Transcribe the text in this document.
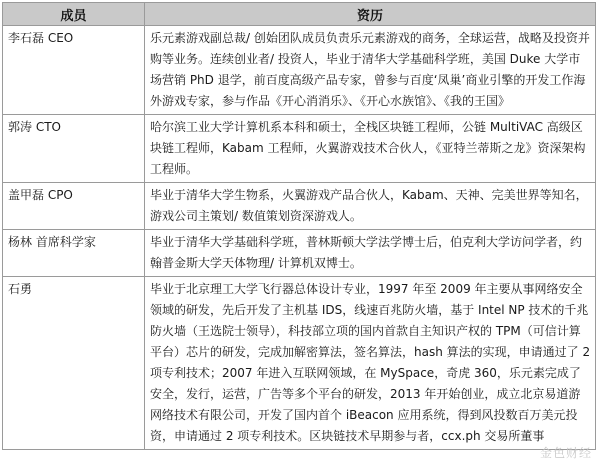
成员	资历
李石磊 CEO	乐元素游戏副总裁/ 创始团队成员负责乐元素游戏的商务，全球运营，战略及投资并购等业务。连续创业者/ 投资人，毕业于清华大学基础科学班，美国 Duke 大学市场营销 PhD 退学，前百度高级产品专家，曾参与百度‘凤巢’商业引擎的开发工作海外游戏专家，参与作品《开心消消乐》、《开心水族馆》、《我的王国》
郭涛 CTO	哈尔滨工业大学计算机系本科和硕士，全栈区块链工程师，公链 MultiVAC 高级区块链工程师，Kabam 工程师，火翼游戏技术合伙人，《亚特兰蒂斯之龙》资深架构工程师。
盖甲磊 CPO	毕业于清华大学生物系，火翼游戏产品合伙人，Kabam、天神、完美世界等知名，游戏公司主策划/ 数值策划资深游戏人。
杨林 首席科学家	毕业于清华大学基础科学班，普林斯顿大学法学博士后，伯克利大学访问学者，约翰普金斯大学天体物理/ 计算机双博士。
石勇	毕业于北京理工大学飞行器总体设计专业，1997 年至 2009 年主要从事网络安全领域的研发，先后开发了主机基 IDS，线速百兆防火墙，基于 Intel NP 技术的千兆防火墙（王选院士领导），科技部立项的国内首款自主知识产权的 TPM（可信计算平台）芯片的研发，完成加解密算法，签名算法，hash 算法的实现，申请通过了 2 项专利技术；2007 年进入互联网领域，在 MySpace，奇虎 360，乐元素完成了安全，发行，运营，广告等多个平台的研发，2013 年开始创业，成立北京易道游网络技术有限公司，开发了国内首个 iBeacon 应用系统，得到风投数百万美元投资，申请通过 2 项专利技术。区块链技术早期参与者，ccx.ph 交易所董事
金色财经
